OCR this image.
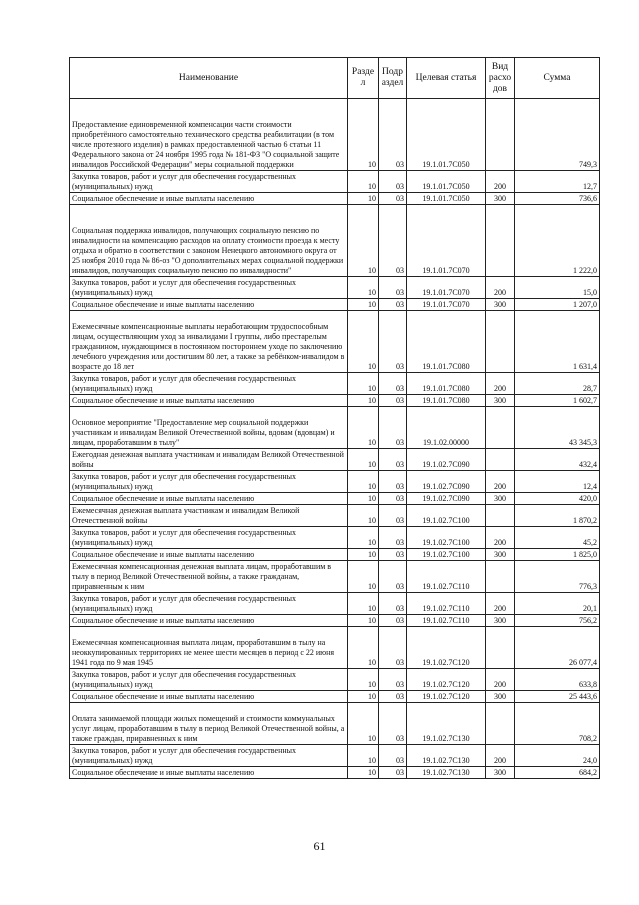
Наименование	Разде л	Подр аздел	Целевая статья	Вид расхо дов	Сумма
Предоставление единовременной компенсации части стоимости приобретённого самостоятельно технического средства реабилитации (в том числе протезного изделия) в рамках предоставленной частью 6 статьи 11 Федерального закона от 24 ноября 1995 года № 181-ФЗ "О социальной защите инвалидов Российской Федерации" меры социальной поддержки	10	03	19.1.01.7С050		749,3
Закупка товаров, работ и услуг для обеспечения государственных (муниципальных) нужд	10	03	19.1.01.7С050	200	12,7
Социальное обеспечение и иные выплаты населению	10	03	19.1.01.7С050	300	736,6
Социальная поддержка инвалидов, получающих социальную пенсию по инвалидности на компенсацию расходов на оплату стоимости проезда к месту отдыха и обратно в соответствии с законом Ненецкого автономного округа от 25 ноября 2010 года № 86-оз "О дополнительных мерах социальной поддержки инвалидов, получающих социальную пенсию по инвалидности"	10	03	19.1.01.7С070		1 222,0
Закупка товаров, работ и услуг для обеспечения государственных (муниципальных) нужд	10	03	19.1.01.7С070	200	15,0
Социальное обеспечение и иные выплаты населению	10	03	19.1.01.7С070	300	1 207,0
Ежемесячные компенсационные выплаты неработающим трудоспособным лицам, осуществляющим уход за инвалидами I группы, либо престарелым гражданином, нуждающимся в постоянном постороннем уходе по заключению лечебного учреждения или достигшим 80 лет, а также за ребёнком-инвалидом в возрасте до 18 лет	10	03	19.1.01.7С080		1 631,4
Закупка товаров, работ и услуг для обеспечения государственных (муниципальных) нужд	10	03	19.1.01.7С080	200	28,7
Социальное обеспечение и иные выплаты населению	10	03	19.1.01.7С080	300	1 602,7
Основное мероприятие "Предоставление мер социальной поддержки участникам и инвалидам Великой Отечественной войны, вдовам (вдовцам) и лицам, проработавшим в тылу"	10	03	19.1.02.00000		43 345,3
Ежегодная денежная выплата участникам и инвалидам Великой Отечественной войны	10	03	19.1.02.7С090		432,4
Закупка товаров, работ и услуг для обеспечения государственных (муниципальных) нужд	10	03	19.1.02.7С090	200	12,4
Социальное обеспечение и иные выплаты населению	10	03	19.1.02.7С090	300	420,0
Ежемесячная денежная выплата участникам и инвалидам Великой Отечественной войны	10	03	19.1.02.7С100		1 870,2
Закупка товаров, работ и услуг для обеспечения государственных (муниципальных) нужд	10	03	19.1.02.7С100	200	45,2
Социальное обеспечение и иные выплаты населению	10	03	19.1.02.7С100	300	1 825,0
Ежемесячная компенсационная денежная выплата лицам, проработавшим в тылу в период Великой Отечественной войны, а также гражданам, приравненным к ним	10	03	19.1.02.7С110		776,3
Закупка товаров, работ и услуг для обеспечения государственных (муниципальных) нужд	10	03	19.1.02.7С110	200	20,1
Социальное обеспечение и иные выплаты населению	10	03	19.1.02.7С110	300	756,2
Ежемесячная компенсационная выплата лицам, проработавшим в тылу на неоккупированных территориях не менее шести месяцев в период с 22 июня 1941 года по 9 мая 1945	10	03	19.1.02.7С120		26 077,4
Закупка товаров, работ и услуг для обеспечения государственных (муниципальных) нужд	10	03	19.1.02.7С120	200	633,8
Социальное обеспечение и иные выплаты населению	10	03	19.1.02.7С120	300	25 443,6
Оплата занимаемой площади жилых помещений и стоимости коммунальных услуг лицам, проработавшим в тылу в период Великой Отечественной войны, а также граждан, приравненных к ним	10	03	19.1.02.7С130		708,2
Закупка товаров, работ и услуг для обеспечения государственных (муниципальных) нужд	10	03	19.1.02.7С130	200	24,0
Социальное обеспечение и иные выплаты населению	10	03	19.1.02.7С130	300	684,2
61
